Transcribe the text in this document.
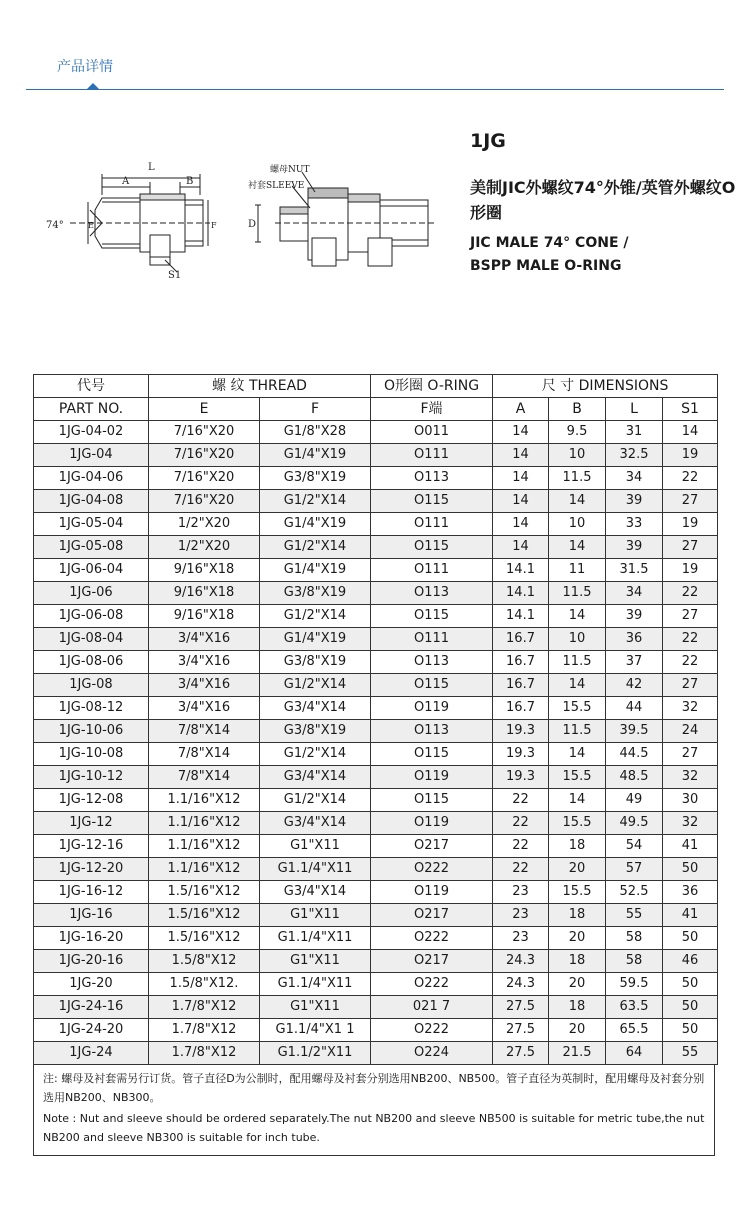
产品详情
L
A	B
E	F
S1
74°	D
螺母NUT
衬套SLEEVE
1JG
美制JIC外螺纹74°外锥/英管外螺纹O形圈
JIC MALE 74° CONE /
BSPP MALE O-RING
代号	螺 纹 THREAD		O形圈 O-RING	尺 寸 DIMENSIONS			
PART NO.	E	F	F端	A	B	L	S1
1JG-04-02	7/16"X20	G1/8"X28	O011	14	9.5	31	14
1JG-04	7/16"X20	G1/4"X19	O111	14	10	32.5	19
1JG-04-06	7/16"X20	G3/8"X19	O113	14	11.5	34	22
1JG-04-08	7/16"X20	G1/2"X14	O115	14	14	39	27
1JG-05-04	1/2"X20	G1/4"X19	O111	14	10	33	19
1JG-05-08	1/2"X20	G1/2"X14	O115	14	14	39	27
1JG-06-04	9/16"X18	G1/4"X19	O111	14.1	11	31.5	19
1JG-06	9/16"X18	G3/8"X19	O113	14.1	11.5	34	22
1JG-06-08	9/16"X18	G1/2"X14	O115	14.1	14	39	27
1JG-08-04	3/4"X16	G1/4"X19	O111	16.7	10	36	22
1JG-08-06	3/4"X16	G3/8"X19	O113	16.7	11.5	37	22
1JG-08	3/4"X16	G1/2"X14	O115	16.7	14	42	27
1JG-08-12	3/4"X16	G3/4"X14	O119	16.7	15.5	44	32
1JG-10-06	7/8"X14	G3/8"X19	O113	19.3	11.5	39.5	24
1JG-10-08	7/8"X14	G1/2"X14	O115	19.3	14	44.5	27
1JG-10-12	7/8"X14	G3/4"X14	O119	19.3	15.5	48.5	32
1JG-12-08	1.1/16"X12	G1/2"X14	O115	22	14	49	30
1JG-12	1.1/16"X12	G3/4"X14	O119	22	15.5	49.5	32
1JG-12-16	1.1/16"X12	G1"X11	O217	22	18	54	41
1JG-12-20	1.1/16"X12	G1.1/4"X11	O222	22	20	57	50
1JG-16-12	1.5/16"X12	G3/4"X14	O119	23	15.5	52.5	36
1JG-16	1.5/16"X12	G1"X11	O217	23	18	55	41
1JG-16-20	1.5/16"X12	G1.1/4"X11	O222	23	20	58	50
1JG-20-16	1.5/8"X12	G1"X11	O217	24.3	18	58	46
1JG-20	1.5/8"X12.	G1.1/4"X11	O222	24.3	20	59.5	50
1JG-24-16	1.7/8"X12	G1"X11	021 7	27.5	18	63.5	50
1JG-24-20	1.7/8"X12	G1.1/4"X1 1	O222	27.5	20	65.5	50
1JG-24	1.7/8"X12	G1.1/2"X11	O224	27.5	21.5	64	55

注: 螺母及衬套需另行订货。管子直径D为公制时，配用螺母及衬套分别选用NB200、NB500。管子直径为英制时，配用螺母及衬套分别选用NB200、NB300。

Note : Nut and sleeve should be ordered separately.The nut NB200 and sleeve NB500 is suitable for metric tube,the nut NB200 and sleeve NB300 is suitable for inch tube.
